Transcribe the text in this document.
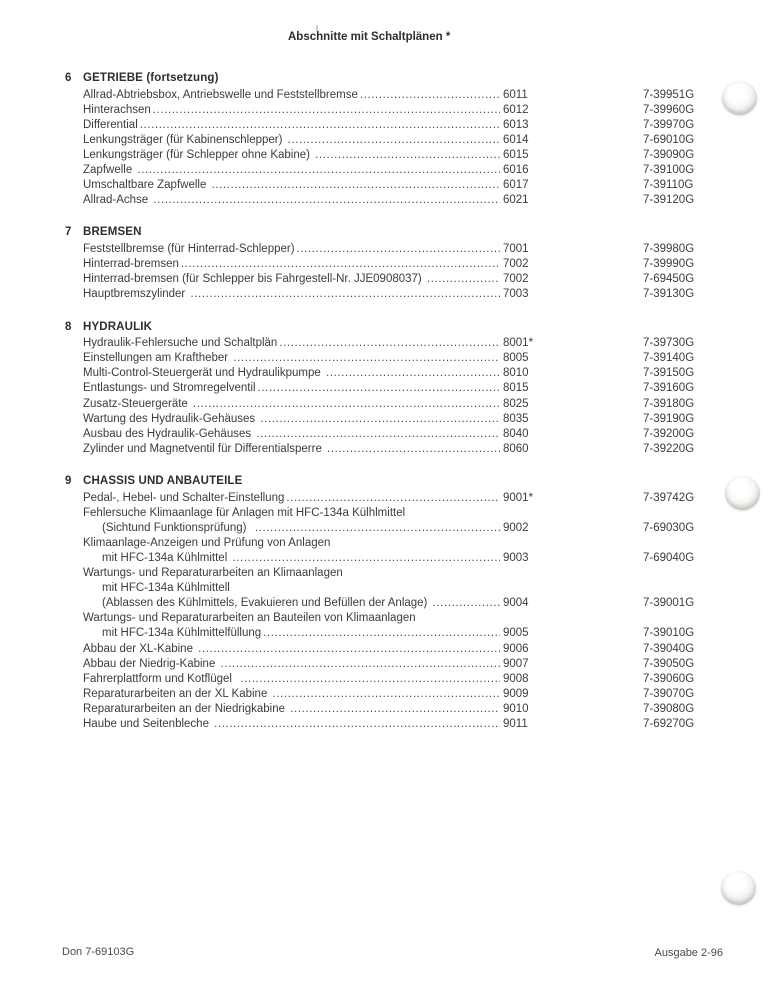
6 GETRIEBE (fortsetzung)
Allrad-Abtriebsbox, Antriebswelle und Feststellbremse .....	6011	7-39951G
Hinterachsen .....	6012	7-39960G
Differential .....	6013	7-39970G
Lenkungsträger (für Kabinenschlepper) .....	6014	7-69010G
Lenkungsträger (für Schlepper ohne Kabine) .....	6015	7-39090G
Zapfwelle .....	6016	7-39100G
Umschaltbare Zapfwelle .....	6017	7-39110G
Allrad-Achse .....	6021	7-39120G
7 BREMSEN
Feststellbremse (für Hinterrad-Schlepper) .....	7001	7-39980G
Hinterrad-bremsen .....	7002	7-39990G
Hinterrad-bremsen (für Schlepper bis Fahrgestell-Nr. JJE0908037) .....	7002	7-69450G
Hauptbremszylinder .....	7003	7-39130G
8 HYDRAULIK
Hydraulik-Fehlersuche und Schaltplän .....	8001*	7-39730G
Einstellungen am Kraftheber .....	8005	7-39140G
Multi-Control-Steuergerät und Hydraulikpumpe .....	8010	7-39150G
Entlastungs- und Stromregelventil .....	8015	7-39160G
Zusatz-Steuergeräte .....	8025	7-39180G
Wartung des Hydraulik-Gehäuses .....	8035	7-39190G
Ausbau des Hydraulik-Gehäuses .....	8040	7-39200G
Zylinder und Magnetventil für Differentialsperre .....	8060	7-39220G
9 CHASSIS UND ANBAUTEILE
Pedal-, Hebel- und Schalter-Einstellung .....	9001*	7-39742G
Fehlersuche Klimaanlage für Anlagen mit HFC-134a Külhlmittel
(Sichtund Funktionsprüfung) .....	9002	7-69030G
Klimaanlage-Anzeigen und Prüfung von Anlagen
mit HFC-134a Kühlmittel .....	9003	7-69040G
Wartungs- und Reparaturarbeiten an Klimaanlagen
mit HFC-134a Kühlmittell
(Ablassen des Kühlmittels, Evakuieren und Befüllen der Anlage) .....	9004	7-39001G
Wartungs- und Reparaturarbeiten an Bauteilen von Klimaanlagen
mit HFC-134a Kühlmittelfüllung .....	9005	7-39010G
Abbau der XL-Kabine .....	9006	7-39040G
Abbau der Niedrig-Kabine .....	9007	7-39050G
Fahrerplattform und Kotflügel .....	9008	7-39060G
Reparaturarbeiten an der XL Kabine .....	9009	7-39070G
Reparaturarbeiten an der Niedrigkabine .....	9010	7-39080G
Haube und Seitenbleche .....	9011	7-69270G
Abschnitte mit Schaltplänen *
Don 7-69103G	Ausgabe 2-96
